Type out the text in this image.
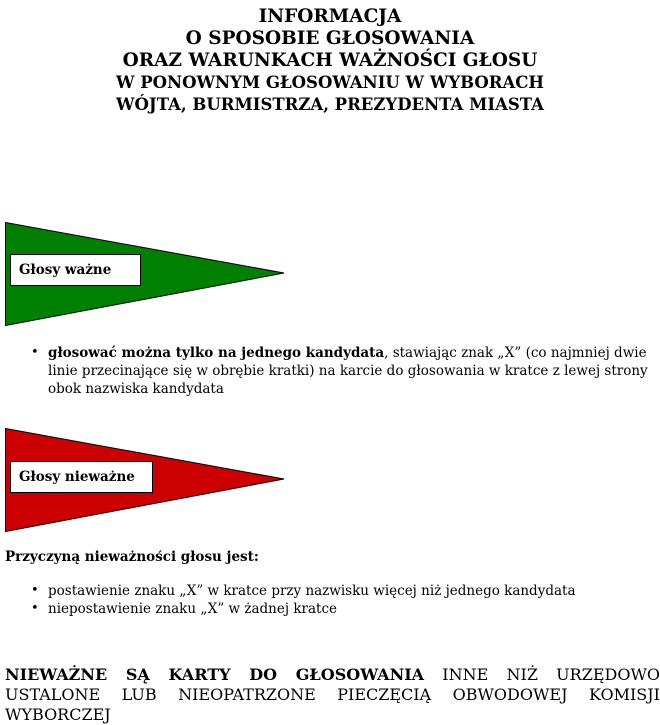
INFORMACJA
O SPOSOBIE GŁOSOWANIA
ORAZ WARUNKACH WAŻNOŚCI GŁOSU
W PONOWNYM GŁOSOWANIU W WYBORACH
WÓJTA, BURMISTRZA, PREZYDENTA MIASTA
Głosy ważne
• głosować można tylko na jednego kandydata, stawiając znak „X” (co najmniej dwie linie przecinające się w obrębie kratki) na karcie do głosowania w kratce z lewej strony obok nazwiska kandydata
Głosy nieważne
Przyczyną nieważności głosu jest:
• postawienie znaku „X” w kratce przy nazwisku więcej niż jednego kandydata
• niepostawienie znaku „X” w żadnej kratce
NIEWAŻNE SĄ KARTY DO GŁOSOWANIA INNE NIŻ URZĘDOWO USTALONE LUB NIEOPATRZONE PIECZĘCIĄ OBWODOWEJ KOMISJI WYBORCZEJ
